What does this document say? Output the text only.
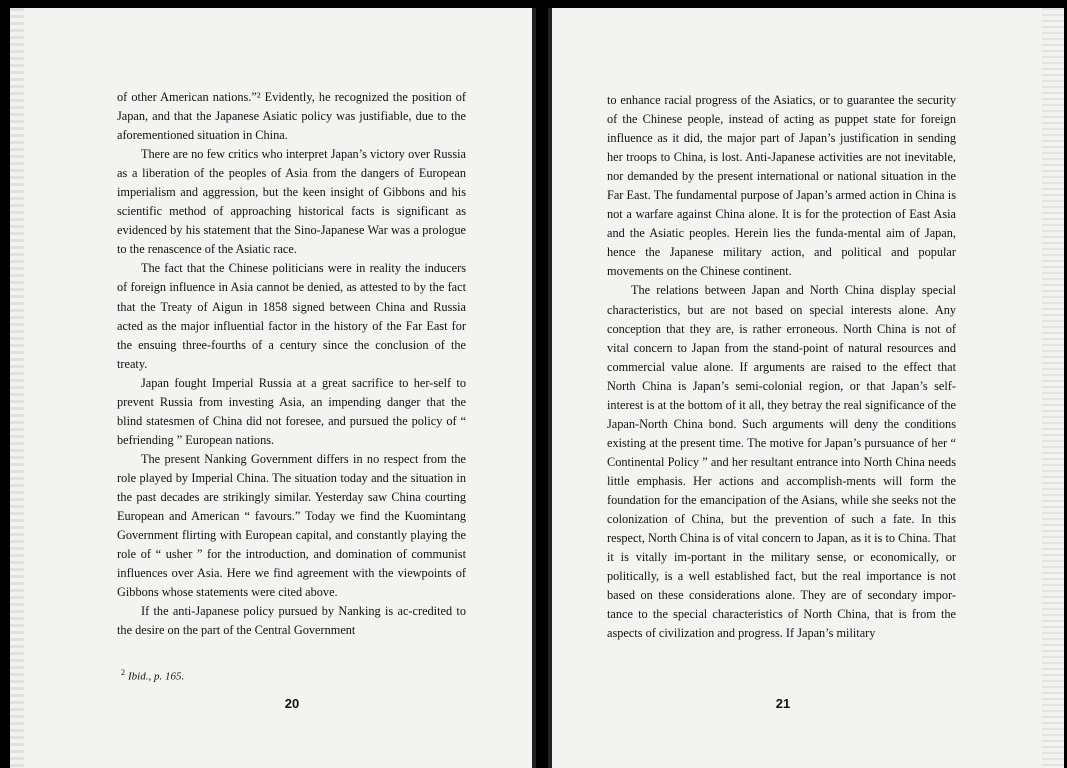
of other American nations.”² Evidently, he recognized the position of Japan, and that the Japanese Asiatic policy was justifiable, due to the aforementioned situation in China.

There are no few critics who interpret Japan’s victory over Russia as a liberation of the peoples of Asia from the dangers of European imperialism and aggression, but the keen insight of Gibbons and his scientific method of approaching historical facts is significant as evidenced by his statement that the Sino-Japanese War was a prologue to the renascence of the Asiatic race.

The fact that the Chinese politicians were in reality the inducers of foreign influence in Asia cannot be denied, as attested to by the fact that the Treaty of Aigun in 1858 signed between China and Russia acted as the major influential factor in the history of the Far East for the ensuing three-fourths of a century since the conclusion of the treaty.

Japan fought Imperial Russia at a great sacrifice to her-self to prevent Russia from investing Asia, an impending danger that the blind statesmen of China did not foresee, and pursued the policy of “ befriending ” European nations.

The present Nanking Government differs in no respect from the role played by Imperial China. The situation today and the situation in the past decades are strikingly similar. Yesterday saw China courting European and American “ favours.” Today we find the Kuomintang Government flirting with European capital, and constantly playing the role of “ usher ” for the introduction, and domination of communist influences over Asia. Here we find agreement with the viewpoints of Gibbons whose statements were cited above.

If the anti-Japanese policy pursued by Nanking is ac-credited to the desire on the part of the Central Government

$^2$ Ibid., p. 165.
20

to enhance racial progress of the Asiatics, or to guarantee the security of the Chinese people, instead of acting as puppet state for foreign influence as it did, the major part of Japan’s justification in sending her troops to China, is lost. Anti-Japanese activities are not inevitable, nor demanded by the present international or national situation in the Far East. The fundamental purpose of Japan’s armed action in China is not a warfare against China alone. It is for the protection of East Asia and the Asiatic peoples. Herein lies the funda-mental aim of Japan, hence the Japanese military action, and political and popular movements on the Chinese continent.

The relations between Japan and North China display special characteristics, but are not based on special interests alone. Any conception that they are, is rather erroneous. North China is not of vital concern to Japan from the stand-point of natural resources and commercial value alone. If arguments are raised to the effect that North China is Japan’s semi-colonial region, or that Japan’s self-interest is at the bottom of it all, they betray the real significance of the Japan-North China bond. Such arguments will deny the conditions existing at the present time. The motive for Japan’s pursuance of her “ Continental Policy ” and her resultant entrance into North China needs little emphasis. Her actions and accomplish-ments will form the foundation for the emancipation of the Asians, while she seeks not the colonization of China, but the prevention of such a fate. In this respect, North China is of vital concern to Japan, as it is to China. That it is vitally im-portant in the military sense, or economically, or politically, is a well established fact, but the real importance is not based on these considerations alone. They are of secondary impor-tance to the special characteristics of North China, that is from the aspects of civilization and progress. If Japan’s military

21
